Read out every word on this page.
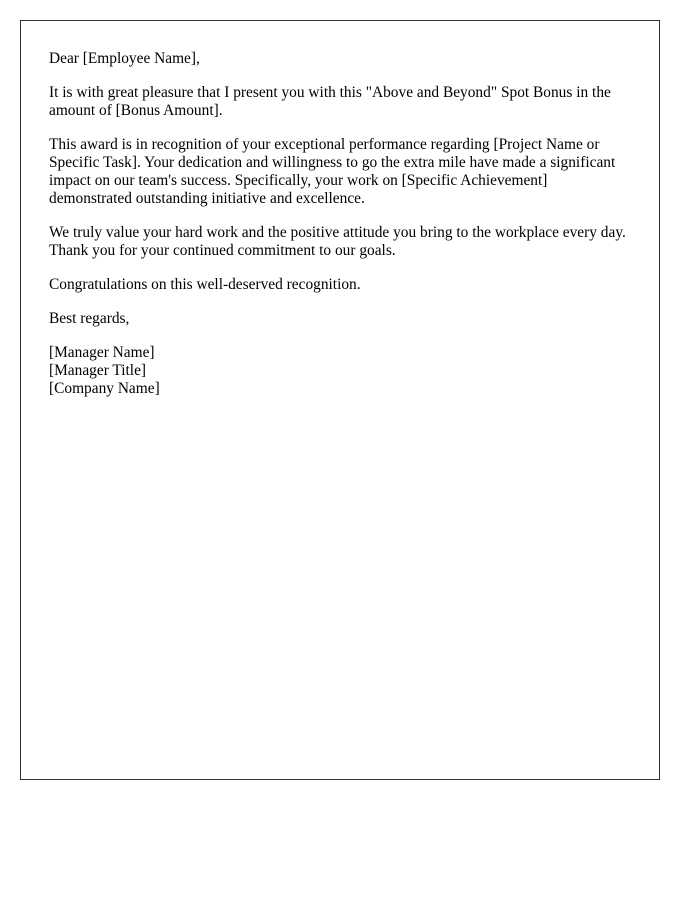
Dear [Employee Name],

It is with great pleasure that I present you with this "Above and Beyond" Spot Bonus in the amount of [Bonus Amount].

This award is in recognition of your exceptional performance regarding [Project Name or Specific Task]. Your dedication and willingness to go the extra mile have made a significant impact on our team's success. Specifically, your work on [Specific Achievement] demonstrated outstanding initiative and excellence.

We truly value your hard work and the positive attitude you bring to the workplace every day. Thank you for your continued commitment to our goals.

Congratulations on this well-deserved recognition.

Best regards,

[Manager Name]
[Manager Title]
[Company Name]
